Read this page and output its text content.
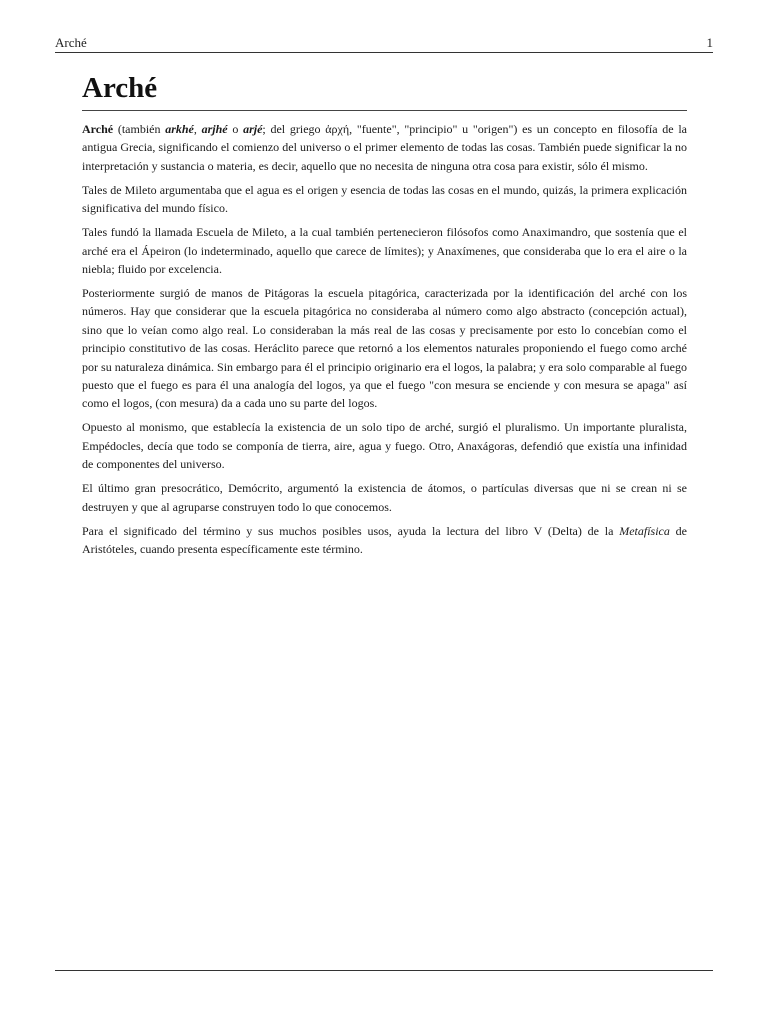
Arché	1
Arché

Arché (también arkhé, arjhé o arjé; del griego ἀρχή, "fuente", "principio" u "origen") es un concepto en filosofía de la antigua Grecia, significando el comienzo del universo o el primer elemento de todas las cosas. También puede significar la no interpretación y sustancia o materia, es decir, aquello que no necesita de ninguna otra cosa para existir, sólo él mismo.

Tales de Mileto argumentaba que el agua es el origen y esencia de todas las cosas en el mundo, quizás, la primera explicación significativa del mundo físico.

Tales fundó la llamada Escuela de Mileto, a la cual también pertenecieron filósofos como Anaximandro, que sostenía que el arché era el Ápeiron (lo indeterminado, aquello que carece de límites); y Anaxímenes, que consideraba que lo era el aire o la niebla; fluido por excelencia.

Posteriormente surgió de manos de Pitágoras la escuela pitagórica, caracterizada por la identificación del arché con los números. Hay que considerar que la escuela pitagórica no consideraba al número como algo abstracto (concepción actual), sino que lo veían como algo real. Lo consideraban la más real de las cosas y precisamente por esto lo concebían como el principio constitutivo de las cosas. Heráclito parece que retornó a los elementos naturales proponiendo el fuego como arché por su naturaleza dinámica. Sin embargo para él el principio originario era el logos, la palabra; y era solo comparable al fuego puesto que el fuego es para él una analogía del logos, ya que el fuego "con mesura se enciende y con mesura se apaga" así como el logos, (con mesura) da a cada uno su parte del logos.

Opuesto al monismo, que establecía la existencia de un solo tipo de arché, surgió el pluralismo. Un importante pluralista, Empédocles, decía que todo se componía de tierra, aire, agua y fuego. Otro, Anaxágoras, defendió que existía una infinidad de componentes del universo.

El último gran presocrático, Demócrito, argumentó la existencia de átomos, o partículas diversas que ni se crean ni se destruyen y que al agruparse construyen todo lo que conocemos.

Para el significado del término y sus muchos posibles usos, ayuda la lectura del libro V (Delta) de la Metafísica de Aristóteles, cuando presenta específicamente este término.
